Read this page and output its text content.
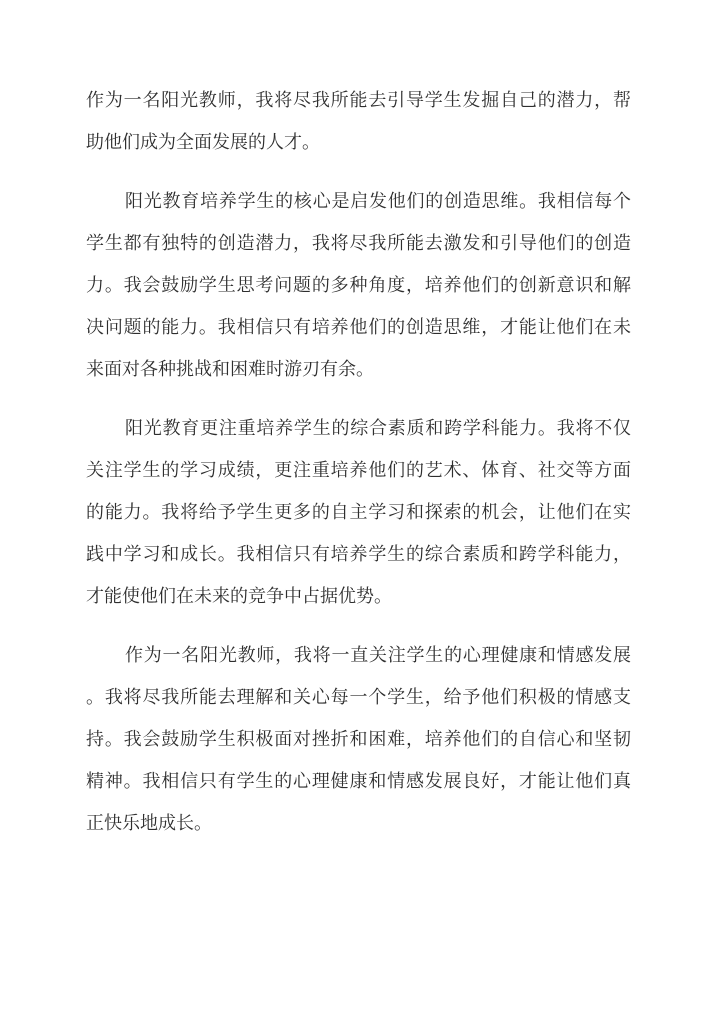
作为一名阳光教师，我将尽我所能去引导学生发掘自己的潜力，帮
助他们成为全面发展的人才。

阳光教育培养学生的核心是启发他们的创造思维。我相信每个
学生都有独特的创造潜力，我将尽我所能去激发和引导他们的创造
力。我会鼓励学生思考问题的多种角度，培养他们的创新意识和解
决问题的能力。我相信只有培养他们的创造思维，才能让他们在未
来面对各种挑战和困难时游刃有余。

阳光教育更注重培养学生的综合素质和跨学科能力。我将不仅
关注学生的学习成绩，更注重培养他们的艺术、体育、社交等方面
的能力。我将给予学生更多的自主学习和探索的机会，让他们在实
践中学习和成长。我相信只有培养学生的综合素质和跨学科能力，
才能使他们在未来的竞争中占据优势。

作为一名阳光教师，我将一直关注学生的心理健康和情感发展
。我将尽我所能去理解和关心每一个学生，给予他们积极的情感支
持。我会鼓励学生积极面对挫折和困难，培养他们的自信心和坚韧
精神。我相信只有学生的心理健康和情感发展良好，才能让他们真
正快乐地成长。
